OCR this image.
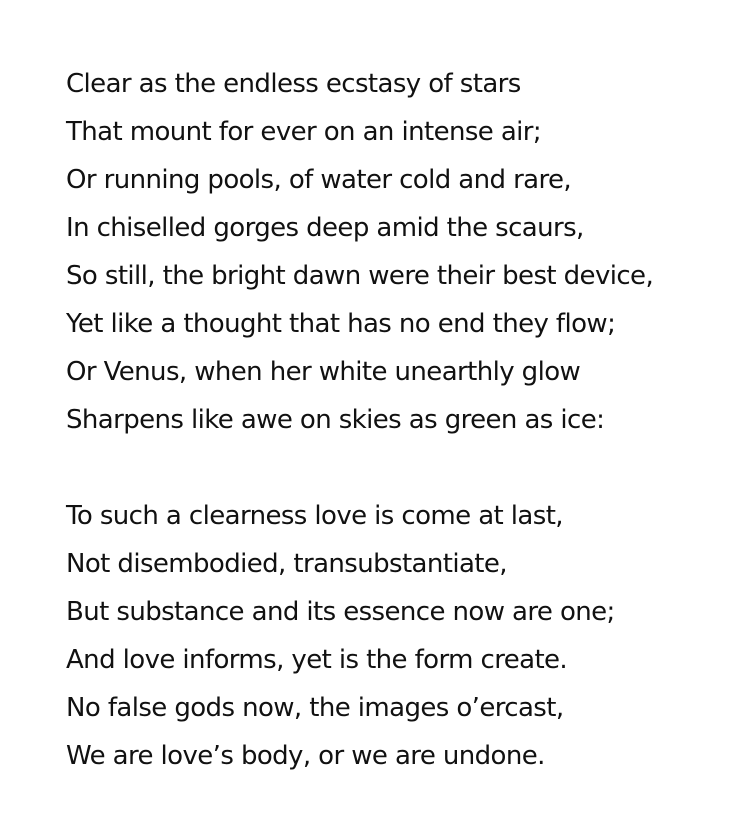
Clear as the endless ecstasy of stars
That mount for ever on an intense air;
Or running pools, of water cold and rare,
In chiselled gorges deep amid the scaurs,
So still, the bright dawn were their best device,
Yet like a thought that has no end they flow;
Or Venus, when her white unearthly glow
Sharpens like awe on skies as green as ice:
To such a clearness love is come at last,
Not disembodied, transubstantiate,
But substance and its essence now are one;
And love informs, yet is the form create.
No false gods now, the images o’ercast,
We are love’s body, or we are undone.
